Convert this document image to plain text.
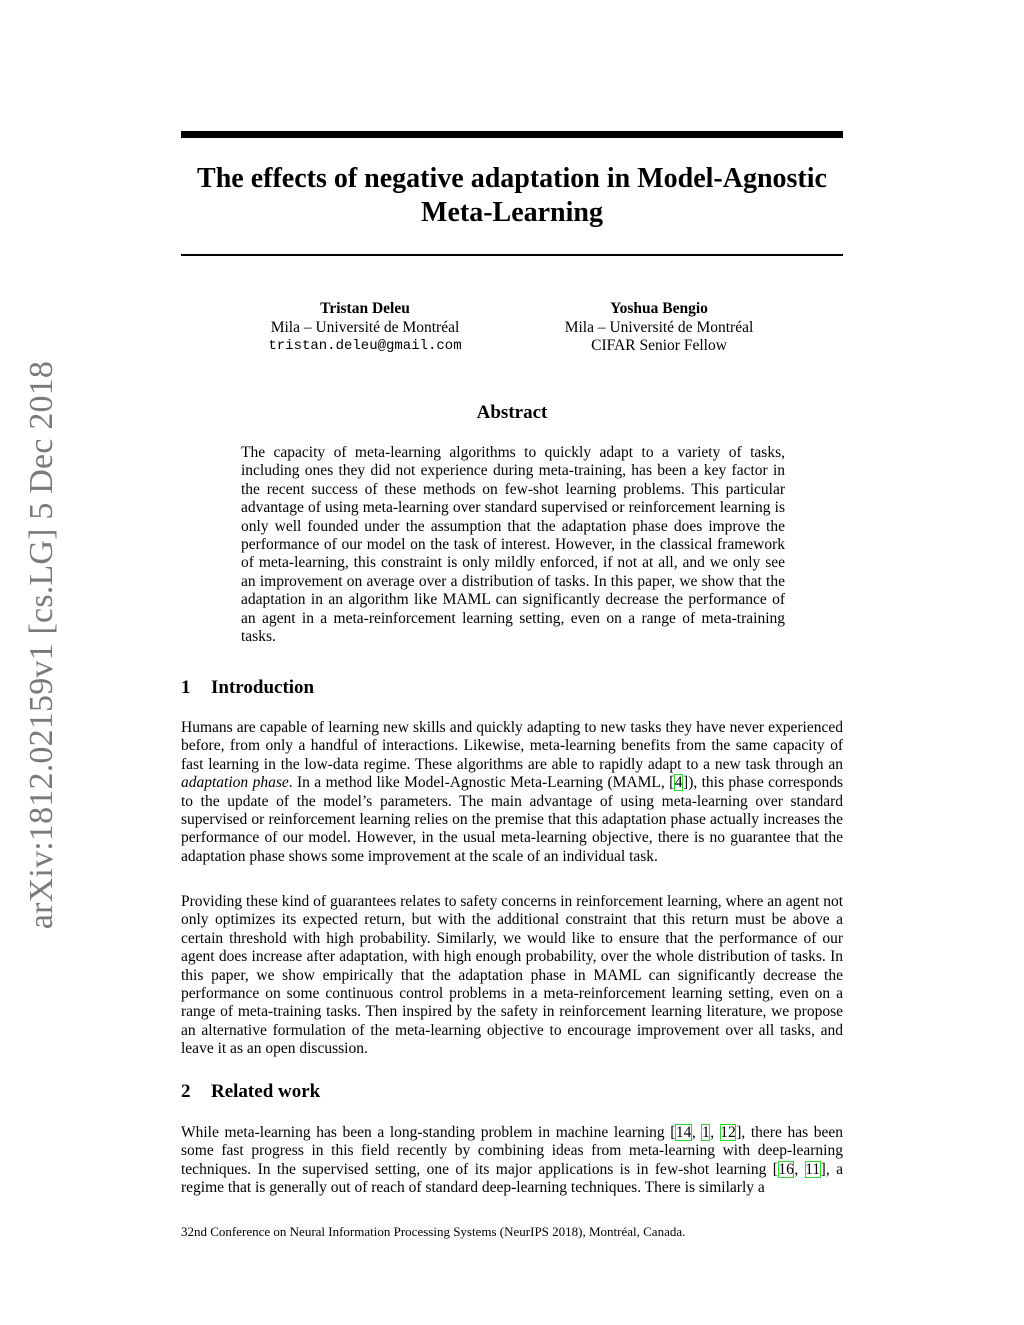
arXiv:1812.02159v1 [cs.LG] 5 Dec 2018
The effects of negative adaptation in Model-Agnostic Meta-Learning
Tristan Deleu
Mila – Université de Montréal
tristan.deleu@gmail.com
Yoshua Bengio
Mila – Université de Montréal
CIFAR Senior Fellow
Abstract

The capacity of meta-learning algorithms to quickly adapt to a variety of tasks, including ones they did not experience during meta-training, has been a key factor in the recent success of these methods on few-shot learning problems. This particular advantage of using meta-learning over standard supervised or reinforcement learning is only well founded under the assumption that the adaptation phase does improve the performance of our model on the task of interest. However, in the classical framework of meta-learning, this constraint is only mildly enforced, if not at all, and we only see an improvement on average over a distribution of tasks. In this paper, we show that the adaptation in an algorithm like MAML can significantly decrease the performance of an agent in a meta-reinforcement learning setting, even on a range of meta-training tasks.

1 Introduction

Humans are capable of learning new skills and quickly adapting to new tasks they have never experienced before, from only a handful of interactions. Likewise, meta-learning benefits from the same capacity of fast learning in the low-data regime. These algorithms are able to rapidly adapt to a new task through an adaptation phase. In a method like Model-Agnostic Meta-Learning (MAML, [4]), this phase corresponds to the update of the model’s parameters. The main advantage of using meta-learning over standard supervised or reinforcement learning relies on the premise that this adaptation phase actually increases the performance of our model. However, in the usual meta-learning objective, there is no guarantee that the adaptation phase shows some improvement at the scale of an individual task.

Providing these kind of guarantees relates to safety concerns in reinforcement learning, where an agent not only optimizes its expected return, but with the additional constraint that this return must be above a certain threshold with high probability. Similarly, we would like to ensure that the performance of our agent does increase after adaptation, with high enough probability, over the whole distribution of tasks. In this paper, we show empirically that the adaptation phase in MAML can significantly decrease the performance on some continuous control problems in a meta-reinforcement learning setting, even on a range of meta-training tasks. Then inspired by the safety in reinforcement learning literature, we propose an alternative formulation of the meta-learning objective to encourage improvement over all tasks, and leave it as an open discussion.

2 Related work

While meta-learning has been a long-standing problem in machine learning [14, 1, 12], there has been some fast progress in this field recently by combining ideas from meta-learning with deep-learning techniques. In the supervised setting, one of its major applications is in few-shot learning [16, 11], a regime that is generally out of reach of standard deep-learning techniques. There is similarly a

32nd Conference on Neural Information Processing Systems (NeurIPS 2018), Montréal, Canada.
